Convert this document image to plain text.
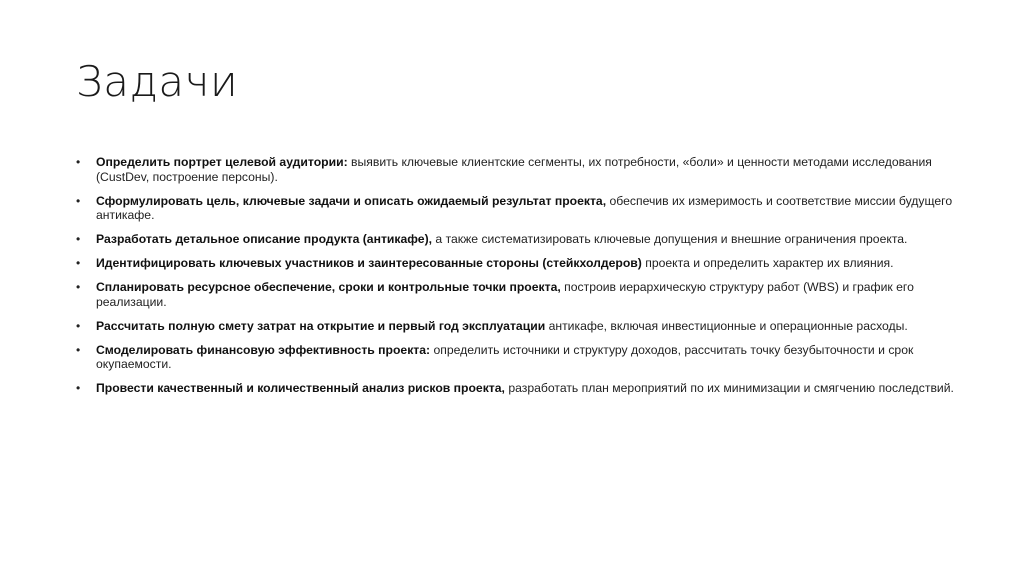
Задачи
• Определить портрет целевой аудитории: выявить ключевые клиентские сегменты, их потребности, «боли» и ценности методами исследования (CustDev, построение персоны).
• Сформулировать цель, ключевые задачи и описать ожидаемый результат проекта, обеспечив их измеримость и соответствие миссии будущего антикафе.
• Разработать детальное описание продукта (антикафе), а также систематизировать ключевые допущения и внешние ограничения проекта.
• Идентифицировать ключевых участников и заинтересованные стороны (стейкхолдеров) проекта и определить характер их влияния.
• Спланировать ресурсное обеспечение, сроки и контрольные точки проекта, построив иерархическую структуру работ (WBS) и график его реализации.
• Рассчитать полную смету затрат на открытие и первый год эксплуатации антикафе, включая инвестиционные и операционные расходы.
• Смоделировать финансовую эффективность проекта: определить источники и структуру доходов, рассчитать точку безубыточности и срок окупаемости.
• Провести качественный и количественный анализ рисков проекта, разработать план мероприятий по их минимизации и смягчению последствий.
